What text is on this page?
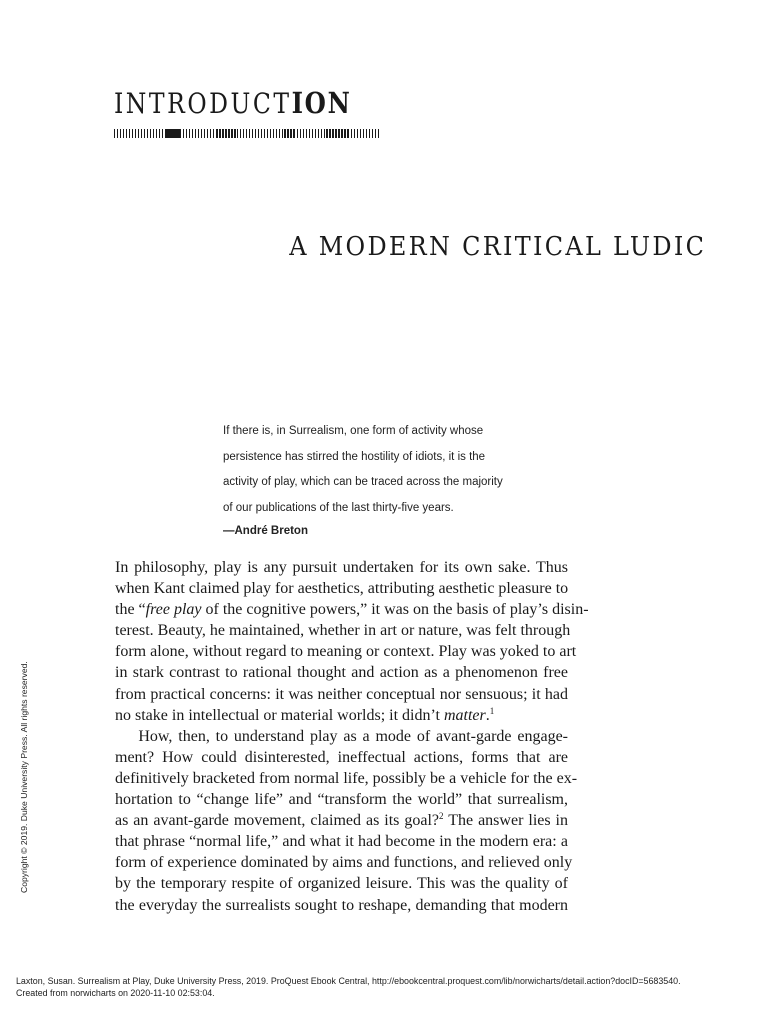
INTRODUCTION
A MODERN CRITICAL LUDIC
If there is, in Surrealism, one form of activity whose
persistence has stirred the hostility of idiots, it is the
activity of play, which can be traced across the majority
of our publications of the last thirty-five years.
—André Breton
In philosophy, play is any pursuit undertaken for its own sake. Thus
when Kant claimed play for aesthetics, attributing aesthetic pleasure to
the “free play of the cognitive powers,” it was on the basis of play’s disin-
terest. Beauty, he maintained, whether in art or nature, was felt through
form alone, without regard to meaning or context. Play was yoked to art
in stark contrast to rational thought and action as a phenomenon free
from practical concerns: it was neither conceptual nor sensuous; it had
no stake in intellectual or material worlds; it didn’t matter.$^1$
How, then, to understand play as a mode of avant-garde engage-
ment? How could disinterested, ineffectual actions, forms that are
definitively bracketed from normal life, possibly be a vehicle for the ex-
hortation to “change life” and “transform the world” that surrealism,
as an avant-garde movement, claimed as its goal?$^2$ The answer lies in
that phrase “normal life,” and what it had become in the modern era: a
form of experience dominated by aims and functions, and relieved only
by the temporary respite of organized leisure. This was the quality of
the everyday the surrealists sought to reshape, demanding that modern
Copyright © 2019. Duke University Press. All rights reserved.
Laxton, Susan. Surrealism at Play, Duke University Press, 2019. ProQuest Ebook Central, http://ebookcentral.proquest.com/lib/norwicharts/detail.action?docID=5683540.
Created from norwicharts on 2020-11-10 02:53:04.
